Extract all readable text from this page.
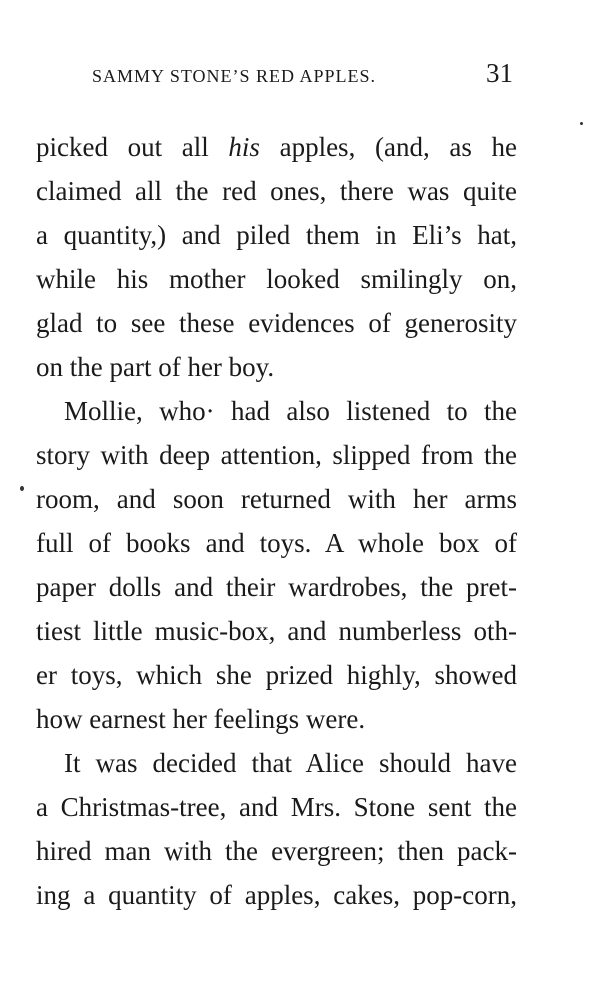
SAMMY STONE’S RED APPLES.	31
picked out all his apples, (and, as he
claimed all the red ones, there was quite
a quantity,) and piled them in Eli’s hat,
while his mother looked smilingly on,
glad to see these evidences of generosity
on the part of her boy.
Mollie, who· had also listened to the
story with deep attention, slipped from the
room, and soon returned with her arms
full of books and toys. A whole box of
paper dolls and their wardrobes, the pret-
tiest little music-box, and numberless oth-
er toys, which she prized highly, showed
how earnest her feelings were.
It was decided that Alice should have
a Christmas-tree, and Mrs. Stone sent the
hired man with the evergreen; then pack-
ing a quantity of apples, cakes, pop-corn,
